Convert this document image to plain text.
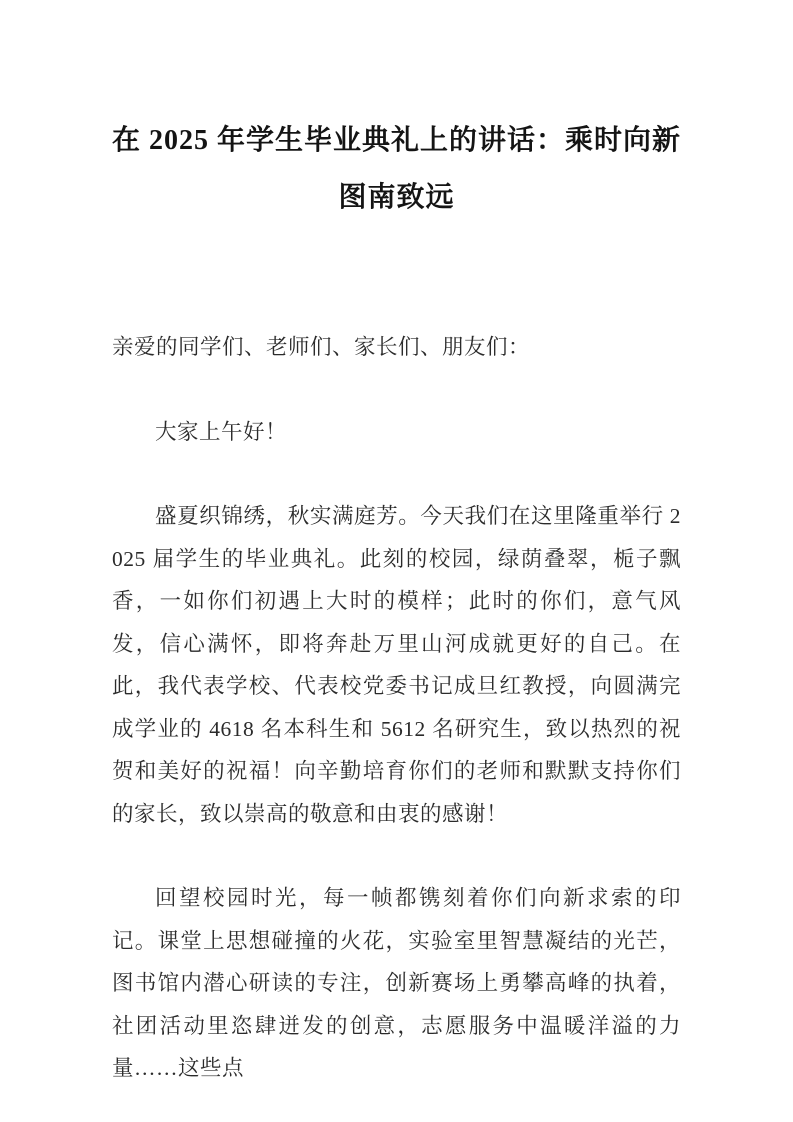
在 2025 年学生毕业典礼上的讲话：乘时向新图南致远

亲爱的同学们、老师们、家长们、朋友们：

大家上午好！

盛夏织锦绣，秋实满庭芳。今天我们在这里隆重举行 2025 届学生的毕业典礼。此刻的校园，绿荫叠翠，栀子飘香，一如你们初遇上大时的模样；此时的你们，意气风发，信心满怀，即将奔赴万里山河成就更好的自己。在此，我代表学校、代表校党委书记成旦红教授，向圆满完成学业的 4618 名本科生和 5612 名研究生，致以热烈的祝贺和美好的祝福！向辛勤培育你们的老师和默默支持你们的家长，致以崇高的敬意和由衷的感谢！

回望校园时光，每一帧都镌刻着你们向新求索的印记。课堂上思想碰撞的火花，实验室里智慧凝结的光芒，图书馆内潜心研读的专注，创新赛场上勇攀高峰的执着，社团活动里恣肆迸发的创意，志愿服务中温暖洋溢的力量……这些点
